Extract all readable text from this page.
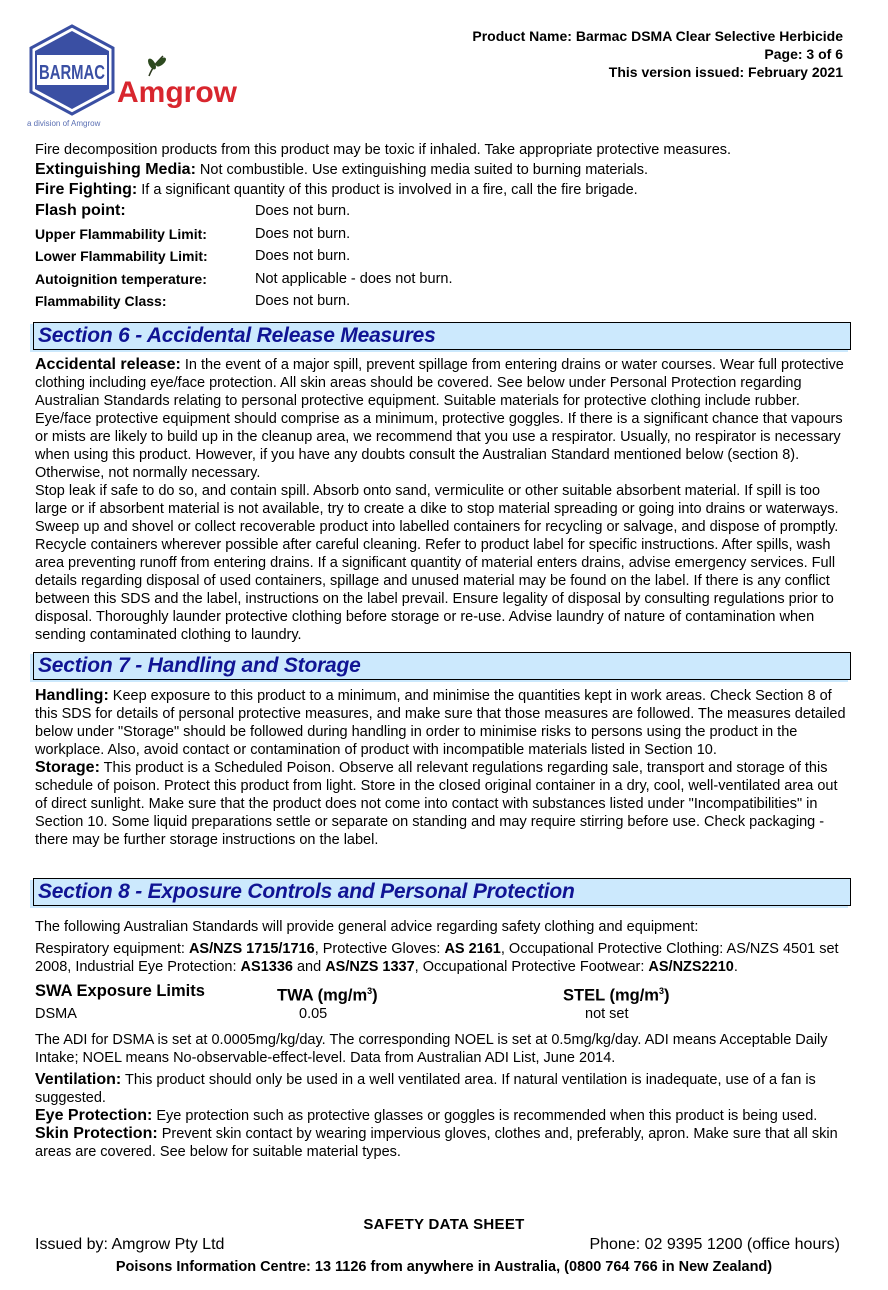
BARMAC
Amgrow
a division of Amgrow
Product Name: Barmac DSMA Clear Selective Herbicide
Page: 3 of 6
This version issued: February 2021

Fire decomposition products from this product may be toxic if inhaled. Take appropriate protective measures.

Extinguishing Media: Not combustible. Use extinguishing media suited to burning materials.

Fire Fighting: If a significant quantity of this product is involved in a fire, call the fire brigade.

Flash point:	Does not burn.
Upper Flammability Limit:	Does not burn.
Lower Flammability Limit:	Does not burn.
Autoignition temperature:	Not applicable - does not burn.
Flammability Class:	Does not burn.
Section 6 - Accidental Release Measures

Accidental release: In the event of a major spill, prevent spillage from entering drains or water courses. Wear full protective clothing including eye/face protection. All skin areas should be covered. See below under Personal Protection regarding Australian Standards relating to personal protective equipment. Suitable materials for protective clothing include rubber. Eye/face protective equipment should comprise as a minimum, protective goggles. If there is a significant chance that vapours or mists are likely to build up in the cleanup area, we recommend that you use a respirator. Usually, no respirator is necessary when using this product. However, if you have any doubts consult the Australian Standard mentioned below (section 8). Otherwise, not normally necessary.

Stop leak if safe to do so, and contain spill. Absorb onto sand, vermiculite or other suitable absorbent material. If spill is too large or if absorbent material is not available, try to create a dike to stop material spreading or going into drains or waterways. Sweep up and shovel or collect recoverable product into labelled containers for recycling or salvage, and dispose of promptly. Recycle containers wherever possible after careful cleaning. Refer to product label for specific instructions. After spills, wash area preventing runoff from entering drains. If a significant quantity of material enters drains, advise emergency services. Full details regarding disposal of used containers, spillage and unused material may be found on the label. If there is any conflict between this SDS and the label, instructions on the label prevail. Ensure legality of disposal by consulting regulations prior to disposal. Thoroughly launder protective clothing before storage or re-use. Advise laundry of nature of contamination when sending contaminated clothing to laundry.

Section 7 - Handling and Storage

Handling: Keep exposure to this product to a minimum, and minimise the quantities kept in work areas. Check Section 8 of this SDS for details of personal protective measures, and make sure that those measures are followed. The measures detailed below under "Storage" should be followed during handling in order to minimise risks to persons using the product in the workplace. Also, avoid contact or contamination of product with incompatible materials listed in Section 10.

Storage: This product is a Scheduled Poison. Observe all relevant regulations regarding sale, transport and storage of this schedule of poison. Protect this product from light. Store in the closed original container in a dry, cool, well-ventilated area out of direct sunlight. Make sure that the product does not come into contact with substances listed under "Incompatibilities" in Section 10. Some liquid preparations settle or separate on standing and may require stirring before use. Check packaging - there may be further storage instructions on the label.

Section 8 - Exposure Controls and Personal Protection

The following Australian Standards will provide general advice regarding safety clothing and equipment:

Respiratory equipment: AS/NZS 1715/1716, Protective Gloves: AS 2161, Occupational Protective Clothing: AS/NZS 4501 set 2008, Industrial Eye Protection: AS1336 and AS/NZS 1337, Occupational Protective Footwear: AS/NZS2210.

SWA Exposure Limits	TWA $(mg/m^3)$	STEL $(mg/m^3)$
DSMA	0.05	not set

The ADI for DSMA is set at 0.0005mg/kg/day. The corresponding NOEL is set at 0.5mg/kg/day. ADI means Acceptable Daily Intake; NOEL means No-observable-effect-level. Data from Australian ADI List, June 2014.

Ventilation: This product should only be used in a well ventilated area. If natural ventilation is inadequate, use of a fan is suggested.

Eye Protection: Eye protection such as protective glasses or goggles is recommended when this product is being used.

Skin Protection: Prevent skin contact by wearing impervious gloves, clothes and, preferably, apron. Make sure that all skin areas are covered. See below for suitable material types.

SAFETY DATA SHEET
Issued by: Amgrow Pty Ltd	Phone: 02 9395 1200 (office hours)
Poisons Information Centre: 13 1126 from anywhere in Australia, (0800 764 766 in New Zealand)
